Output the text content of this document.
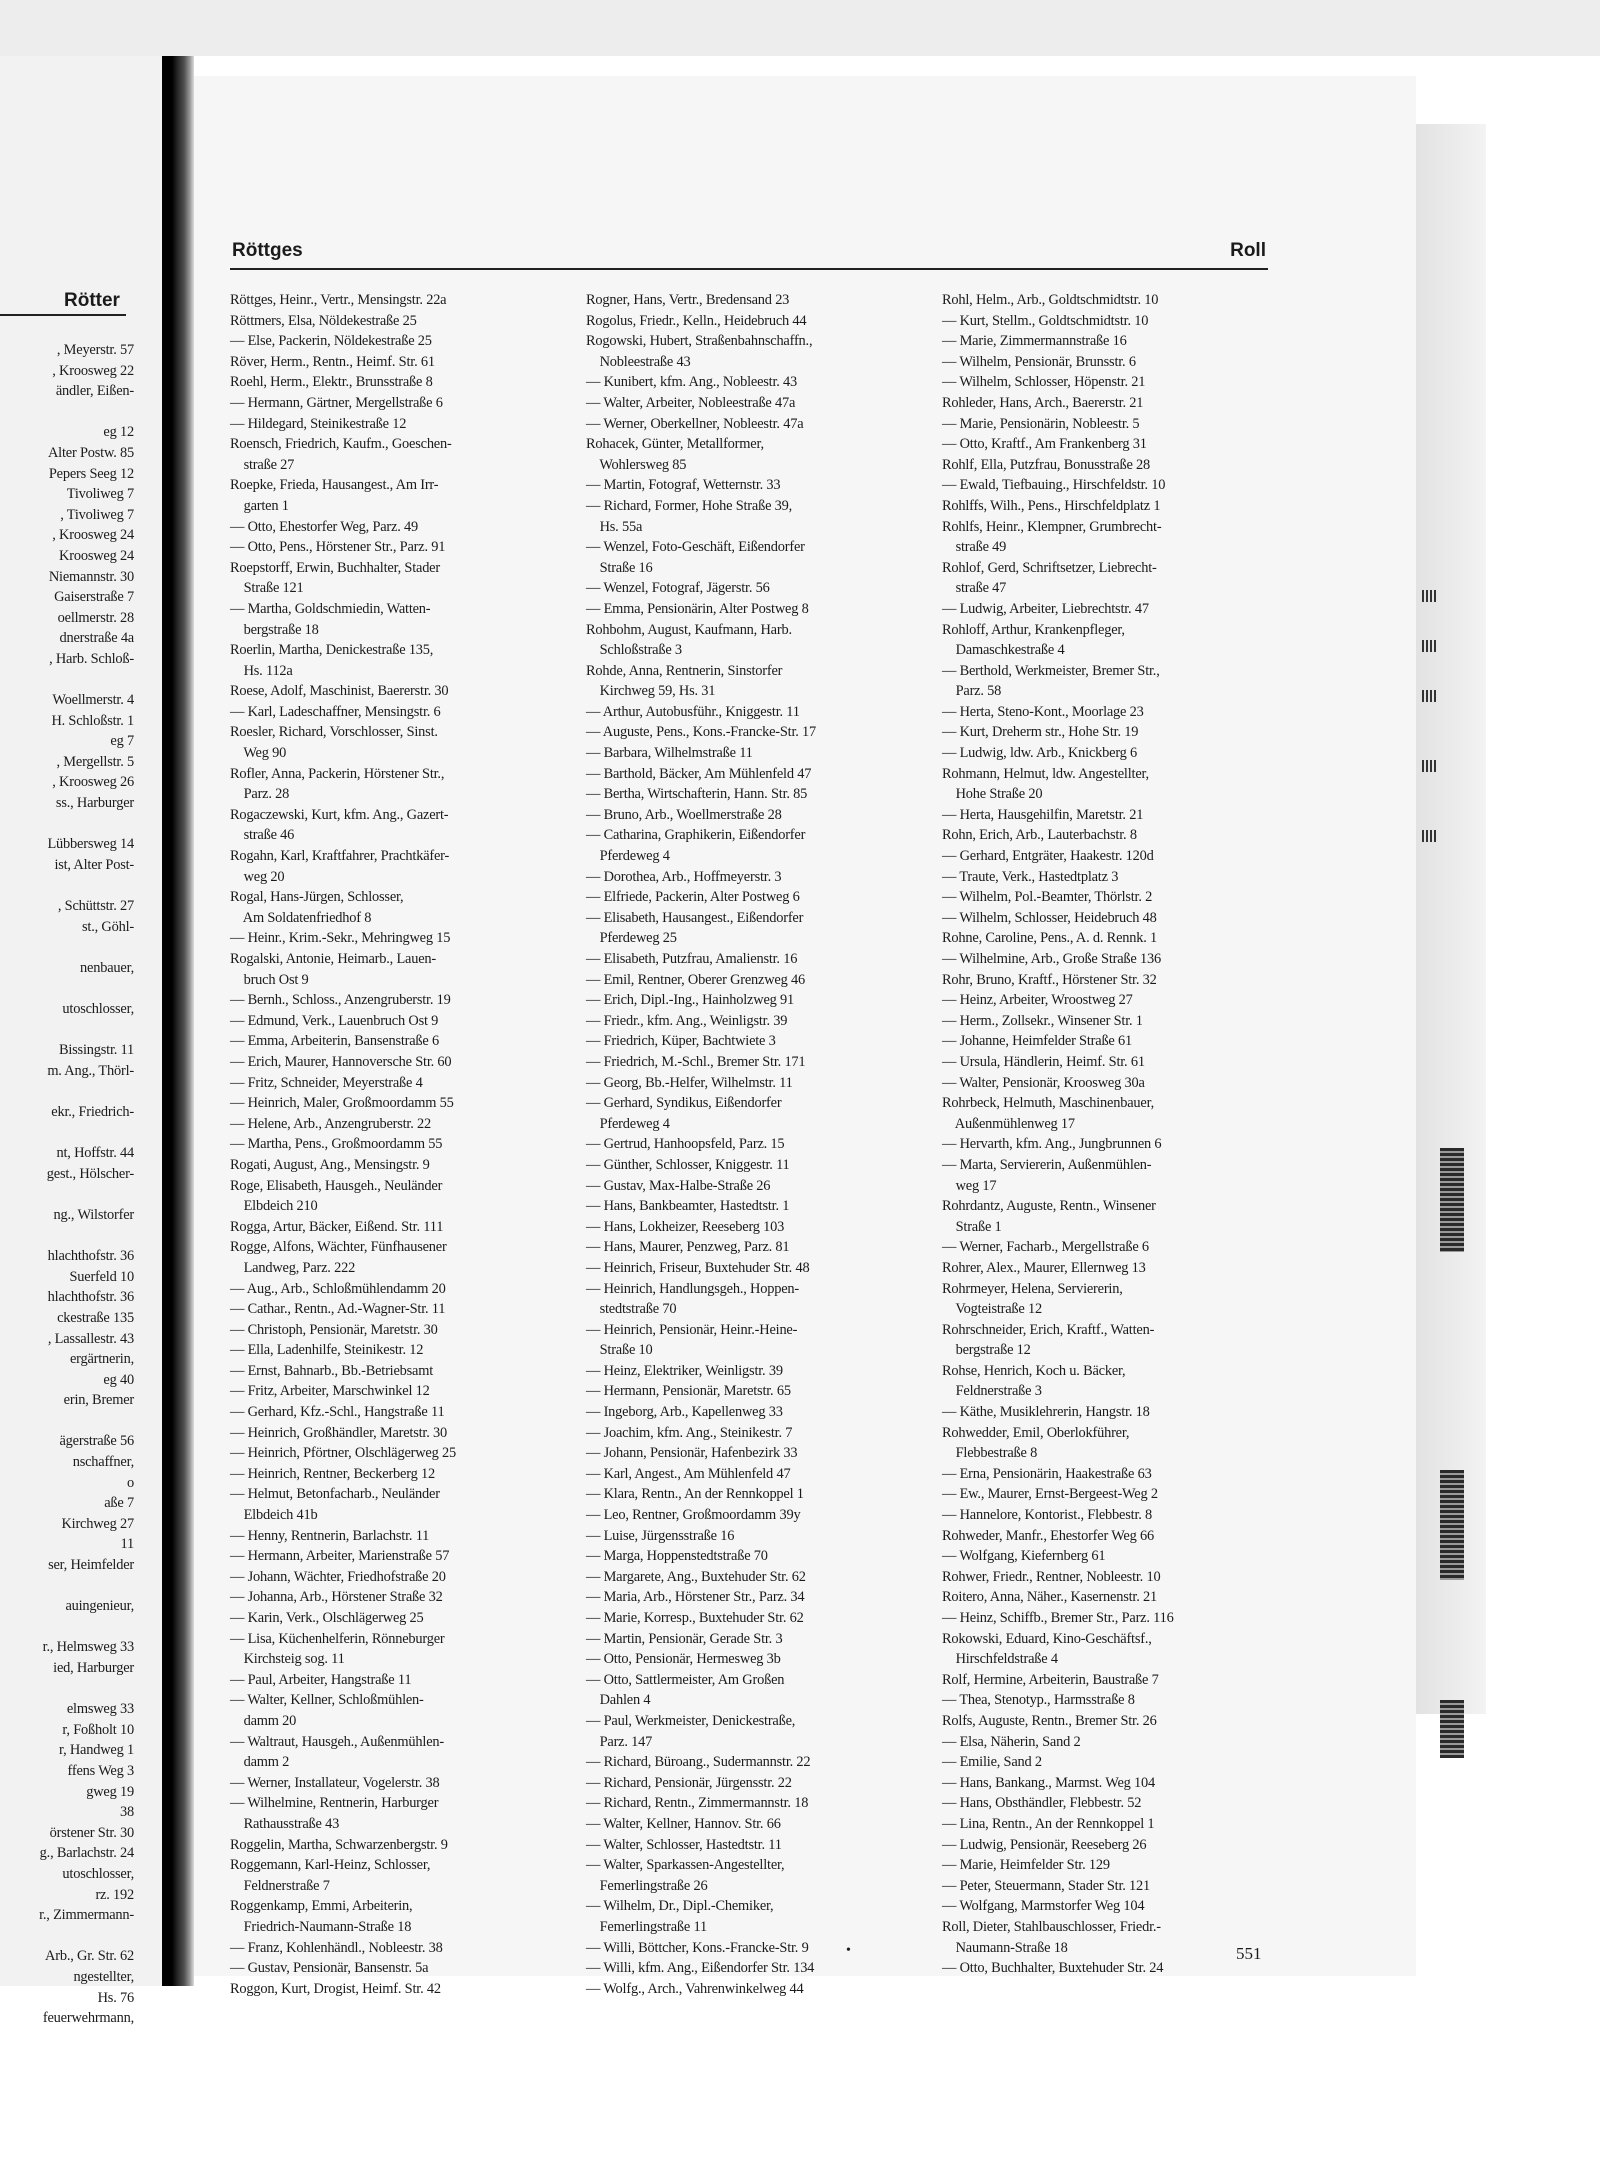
Rötter
, Meyerstr. 57
, Kroosweg 22
ändler, Eißen-

eg 12
Alter Postw. 85
Pepers Seeg 12
Tivoliweg 7
, Tivoliweg 7
, Kroosweg 24
Kroosweg 24
Niemannstr. 30
Gaiserstraße 7
oellmerstr. 28
dnerstraße 4a
, Harb. Schloß-

Woellmerstr. 4
H. Schloßstr. 1
eg 7
, Mergellstr. 5
, Kroosweg 26
ss., Harburger

Lübbersweg 14
ist, Alter Post-

, Schüttstr. 27
st., Göhl-

nenbauer,

utoschlosser,

Bissingstr. 11
m. Ang., Thörl-

ekr., Friedrich-

nt, Hoffstr. 44
gest., Hölscher-

ng., Wilstorfer

hlachthofstr. 36
Suerfeld 10
hlachthofstr. 36
ckestraße 135
, Lassallestr. 43
ergärtnerin,
eg 40
erin, Bremer

ägerstraße 56
nschaffner,
o
aße 7
Kirchweg 27
11
ser, Heimfelder

auingenieur,

r., Helmsweg 33
ied, Harburger

elmsweg 33
r, Foßholt 10
r, Handweg 1
ffens Weg 3
gweg 19
38
örstener Str. 30
g., Barlachstr. 24
utoschlosser,
rz. 192
r., Zimmermann-

Arb., Gr. Str. 62
ngestellter,
Hs. 76
feuerwehrmann,
Röttges	Roll
Röttges, Heinr., Vertr., Mensingstr. 22a
Röttmers, Elsa, Nöldekestraße 25
— Else, Packerin, Nöldekestraße 25
Röver, Herm., Rentn., Heimf. Str. 61
Roehl, Herm., Elektr., Brunsstraße 8
— Hermann, Gärtner, Mergellstraße 6
— Hildegard, Steinikestraße 12
Roensch, Friedrich, Kaufm., Goeschen-
straße 27
Roepke, Frieda, Hausangest., Am Irr-
garten 1
— Otto, Ehestorfer Weg, Parz. 49
— Otto, Pens., Hörstener Str., Parz. 91
Roepstorff, Erwin, Buchhalter, Stader
Straße 121
— Martha, Goldschmiedin, Watten-
bergstraße 18
Roerlin, Martha, Denickestraße 135,
Hs. 112a
Roese, Adolf, Maschinist, Baererstr. 30
— Karl, Ladeschaffner, Mensingstr. 6
Roesler, Richard, Vorschlosser, Sinst.
Weg 90
Rofler, Anna, Packerin, Hörstener Str.,
Parz. 28
Rogaczewski, Kurt, kfm. Ang., Gazert-
straße 46
Rogahn, Karl, Kraftfahrer, Prachtkäfer-
weg 20
Rogal, Hans-Jürgen, Schlosser,
Am Soldatenfriedhof 8
— Heinr., Krim.-Sekr., Mehringweg 15
Rogalski, Antonie, Heimarb., Lauen-
bruch Ost 9
— Bernh., Schloss., Anzengruberstr. 19
— Edmund, Verk., Lauenbruch Ost 9
— Emma, Arbeiterin, Bansenstraße 6
— Erich, Maurer, Hannoversche Str. 60
— Fritz, Schneider, Meyerstraße 4
— Heinrich, Maler, Großmoordamm 55
— Helene, Arb., Anzengruberstr. 22
— Martha, Pens., Großmoordamm 55
Rogati, August, Ang., Mensingstr. 9
Roge, Elisabeth, Hausgeh., Neuländer
Elbdeich 210
Rogga, Artur, Bäcker, Eißend. Str. 111
Rogge, Alfons, Wächter, Fünfhausener
Landweg, Parz. 222
— Aug., Arb., Schloßmühlendamm 20
— Cathar., Rentn., Ad.-Wagner-Str. 11
— Christoph, Pensionär, Maretstr. 30
— Ella, Ladenhilfe, Steinikestr. 12
— Ernst, Bahnarb., Bb.-Betriebsamt
— Fritz, Arbeiter, Marschwinkel 12
— Gerhard, Kfz.-Schl., Hangstraße 11
— Heinrich, Großhändler, Maretstr. 30
— Heinrich, Pförtner, Olschlägerweg 25
— Heinrich, Rentner, Beckerberg 12
— Helmut, Betonfacharb., Neuländer
Elbdeich 41b
— Henny, Rentnerin, Barlachstr. 11
— Hermann, Arbeiter, Marienstraße 57
— Johann, Wächter, Friedhofstraße 20
— Johanna, Arb., Hörstener Straße 32
— Karin, Verk., Olschlägerweg 25
— Lisa, Küchenhelferin, Rönneburger
Kirchsteig sog. 11
— Paul, Arbeiter, Hangstraße 11
— Walter, Kellner, Schloßmühlen-
damm 20
— Waltraut, Hausgeh., Außenmühlen-
damm 2
— Werner, Installateur, Vogelerstr. 38
— Wilhelmine, Rentnerin, Harburger
Rathausstraße 43
Roggelin, Martha, Schwarzenbergstr. 9
Roggemann, Karl-Heinz, Schlosser,
Feldnerstraße 7
Roggenkamp, Emmi, Arbeiterin,
Friedrich-Naumann-Straße 18
— Franz, Kohlenhändl., Nobleestr. 38
— Gustav, Pensionär, Bansenstr. 5a
Roggon, Kurt, Drogist, Heimf. Str. 42
Rogner, Hans, Vertr., Bredensand 23
Rogolus, Friedr., Kelln., Heidebruch 44
Rogowski, Hubert, Straßenbahnschaffn.,
Nobleestraße 43
— Kunibert, kfm. Ang., Nobleestr. 43
— Walter, Arbeiter, Nobleestraße 47a
— Werner, Oberkellner, Nobleestr. 47a
Rohacek, Günter, Metallformer,
Wohlersweg 85
— Martin, Fotograf, Wetternstr. 33
— Richard, Former, Hohe Straße 39,
Hs. 55a
— Wenzel, Foto-Geschäft, Eißendorfer
Straße 16
— Wenzel, Fotograf, Jägerstr. 56
— Emma, Pensionärin, Alter Postweg 8
Rohbohm, August, Kaufmann, Harb.
Schloßstraße 3
Rohde, Anna, Rentnerin, Sinstorfer
Kirchweg 59, Hs. 31
— Arthur, Autobusführ., Kniggestr. 11
— Auguste, Pens., Kons.-Francke-Str. 17
— Barbara, Wilhelmstraße 11
— Barthold, Bäcker, Am Mühlenfeld 47
— Bertha, Wirtschafterin, Hann. Str. 85
— Bruno, Arb., Woellmerstraße 28
— Catharina, Graphikerin, Eißendorfer
Pferdeweg 4
— Dorothea, Arb., Hoffmeyerstr. 3
— Elfriede, Packerin, Alter Postweg 6
— Elisabeth, Hausangest., Eißendorfer
Pferdeweg 25
— Elisabeth, Putzfrau, Amalienstr. 16
— Emil, Rentner, Oberer Grenzweg 46
— Erich, Dipl.-Ing., Hainholzweg 91
— Friedr., kfm. Ang., Weinligstr. 39
— Friedrich, Küper, Bachtwiete 3
— Friedrich, M.-Schl., Bremer Str. 171
— Georg, Bb.-Helfer, Wilhelmstr. 11
— Gerhard, Syndikus, Eißendorfer
Pferdeweg 4
— Gertrud, Hanhoopsfeld, Parz. 15
— Günther, Schlosser, Kniggestr. 11
— Gustav, Max-Halbe-Straße 26
— Hans, Bankbeamter, Hastedtstr. 1
— Hans, Lokheizer, Reeseberg 103
— Hans, Maurer, Penzweg, Parz. 81
— Heinrich, Friseur, Buxtehuder Str. 48
— Heinrich, Handlungsgeh., Hoppen-
stedtstraße 70
— Heinrich, Pensionär, Heinr.-Heine-
Straße 10
— Heinz, Elektriker, Weinligstr. 39
— Hermann, Pensionär, Maretstr. 65
— Ingeborg, Arb., Kapellenweg 33
— Joachim, kfm. Ang., Steinikestr. 7
— Johann, Pensionär, Hafenbezirk 33
— Karl, Angest., Am Mühlenfeld 47
— Klara, Rentn., An der Rennkoppel 1
— Leo, Rentner, Großmoordamm 39y
— Luise, Jürgensstraße 16
— Marga, Hoppenstedtstraße 70
— Margarete, Ang., Buxtehuder Str. 62
— Maria, Arb., Hörstener Str., Parz. 34
— Marie, Korresp., Buxtehuder Str. 62
— Martin, Pensionär, Gerade Str. 3
— Otto, Pensionär, Hermesweg 3b
— Otto, Sattlermeister, Am Großen
Dahlen 4
— Paul, Werkmeister, Denickestraße,
Parz. 147
— Richard, Büroang., Sudermannstr. 22
— Richard, Pensionär, Jürgensstr. 22
— Richard, Rentn., Zimmermannstr. 18
— Walter, Kellner, Hannov. Str. 66
— Walter, Schlosser, Hastedtstr. 11
— Walter, Sparkassen-Angestellter,
Femerlingstraße 26
— Wilhelm, Dr., Dipl.-Chemiker,
Femerlingstraße 11
— Willi, Böttcher, Kons.-Francke-Str. 9
— Willi, kfm. Ang., Eißendorfer Str. 134
— Wolfg., Arch., Vahrenwinkelweg 44
Rohl, Helm., Arb., Goldtschmidtstr. 10
— Kurt, Stellm., Goldtschmidtstr. 10
— Marie, Zimmermannstraße 16
— Wilhelm, Pensionär, Brunsstr. 6
— Wilhelm, Schlosser, Höpenstr. 21
Rohleder, Hans, Arch., Baererstr. 21
— Marie, Pensionärin, Nobleestr. 5
— Otto, Kraftf., Am Frankenberg 31
Rohlf, Ella, Putzfrau, Bonusstraße 28
— Ewald, Tiefbauing., Hirschfeldstr. 10
Rohlffs, Wilh., Pens., Hirschfeldplatz 1
Rohlfs, Heinr., Klempner, Grumbrecht-
straße 49
Rohlof, Gerd, Schriftsetzer, Liebrecht-
straße 47
— Ludwig, Arbeiter, Liebrechtstr. 47
Rohloff, Arthur, Krankenpfleger,
Damaschkestraße 4
— Berthold, Werkmeister, Bremer Str.,
Parz. 58
— Herta, Steno-Kont., Moorlage 23
— Kurt, Dreherm str., Hohe Str. 19
— Ludwig, ldw. Arb., Knickberg 6
Rohmann, Helmut, ldw. Angestellter,
Hohe Straße 20
— Herta, Hausgehilfin, Maretstr. 21
Rohn, Erich, Arb., Lauterbachstr. 8
— Gerhard, Entgräter, Haakestr. 120d
— Traute, Verk., Hastedtplatz 3
— Wilhelm, Pol.-Beamter, Thörlstr. 2
— Wilhelm, Schlosser, Heidebruch 48
Rohne, Caroline, Pens., A. d. Rennk. 1
— Wilhelmine, Arb., Große Straße 136
Rohr, Bruno, Kraftf., Hörstener Str. 32
— Heinz, Arbeiter, Wroostweg 27
— Herm., Zollsekr., Winsener Str. 1
— Johanne, Heimfelder Straße 61
— Ursula, Händlerin, Heimf. Str. 61
— Walter, Pensionär, Kroosweg 30a
Rohrbeck, Helmuth, Maschinenbauer,
Außenmühlenweg 17
— Hervarth, kfm. Ang., Jungbrunnen 6
— Marta, Serviererin, Außenmühlen-
weg 17
Rohrdantz, Auguste, Rentn., Winsener
Straße 1
— Werner, Facharb., Mergellstraße 6
Rohrer, Alex., Maurer, Ellernweg 13
Rohrmeyer, Helena, Serviererin,
Vogteistraße 12
Rohrschneider, Erich, Kraftf., Watten-
bergstraße 12
Rohse, Henrich, Koch u. Bäcker,
Feldnerstraße 3
— Käthe, Musiklehrerin, Hangstr. 18
Rohwedder, Emil, Oberlokführer,
Flebbestraße 8
— Erna, Pensionärin, Haakestraße 63
— Ew., Maurer, Ernst-Bergeest-Weg 2
— Hannelore, Kontorist., Flebbestr. 8
Rohweder, Manfr., Ehestorfer Weg 66
— Wolfgang, Kiefernberg 61
Rohwer, Friedr., Rentner, Nobleestr. 10
Roitero, Anna, Näher., Kasernenstr. 21
— Heinz, Schiffb., Bremer Str., Parz. 116
Rokowski, Eduard, Kino-Geschäftsf.,
Hirschfeldstraße 4
Rolf, Hermine, Arbeiterin, Baustraße 7
— Thea, Stenotyp., Harmsstraße 8
Rolfs, Auguste, Rentn., Bremer Str. 26
— Elsa, Näherin, Sand 2
— Emilie, Sand 2
— Hans, Bankang., Marmst. Weg 104
— Hans, Obsthändler, Flebbestr. 52
— Lina, Rentn., An der Rennkoppel 1
— Ludwig, Pensionär, Reeseberg 26
— Marie, Heimfelder Str. 129
— Peter, Steuermann, Stader Str. 121
— Wolfgang, Marmstorfer Weg 104
Roll, Dieter, Stahlbauschlosser, Friedr.-
Naumann-Straße 18
— Otto, Buchhalter, Buxtehuder Str. 24
•	551
